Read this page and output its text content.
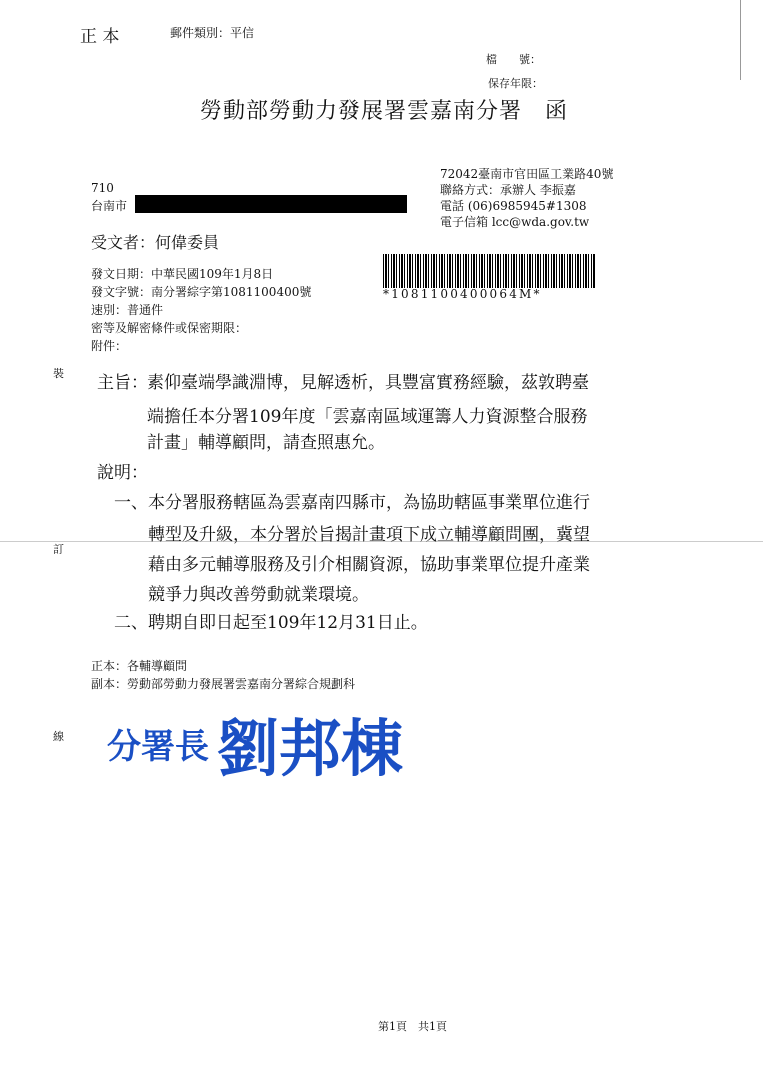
正 本	郵件類別：平信
檔　　號：
保存年限：
勞動部勞動力發展署雲嘉南分署　函
72042臺南市官田區工業路40號
聯絡方式：承辦人 李振嘉
電話 (06)6985945#1308
電子信箱 lcc@wda.gov.tw
710
台南市
受文者：何偉委員
發文日期：中華民國109年1月8日
發文字號：南分署綜字第1081100400號
速別：普通件
密等及解密條件或保密期限：
附件：
*1081100400064M*
裝
訂
線
主旨： 素仰臺端學識淵博，見解透析，具豐富實務經驗，茲敦聘臺
端擔任本分署109年度「雲嘉南區域運籌人力資源整合服務
計畫」輔導顧問，請查照惠允。
說明：
一、 本分署服務轄區為雲嘉南四縣市，為協助轄區事業單位進行
轉型及升級，本分署於旨揭計畫項下成立輔導顧問團，冀望
藉由多元輔導服務及引介相關資源，協助事業單位提升產業
競爭力與改善勞動就業環境。
二、 聘期自即日起至109年12月31日止。
正本：各輔導顧問
副本：勞動部勞動力發展署雲嘉南分署綜合規劃科
分署長 劉邦棟
第1頁　共1頁
